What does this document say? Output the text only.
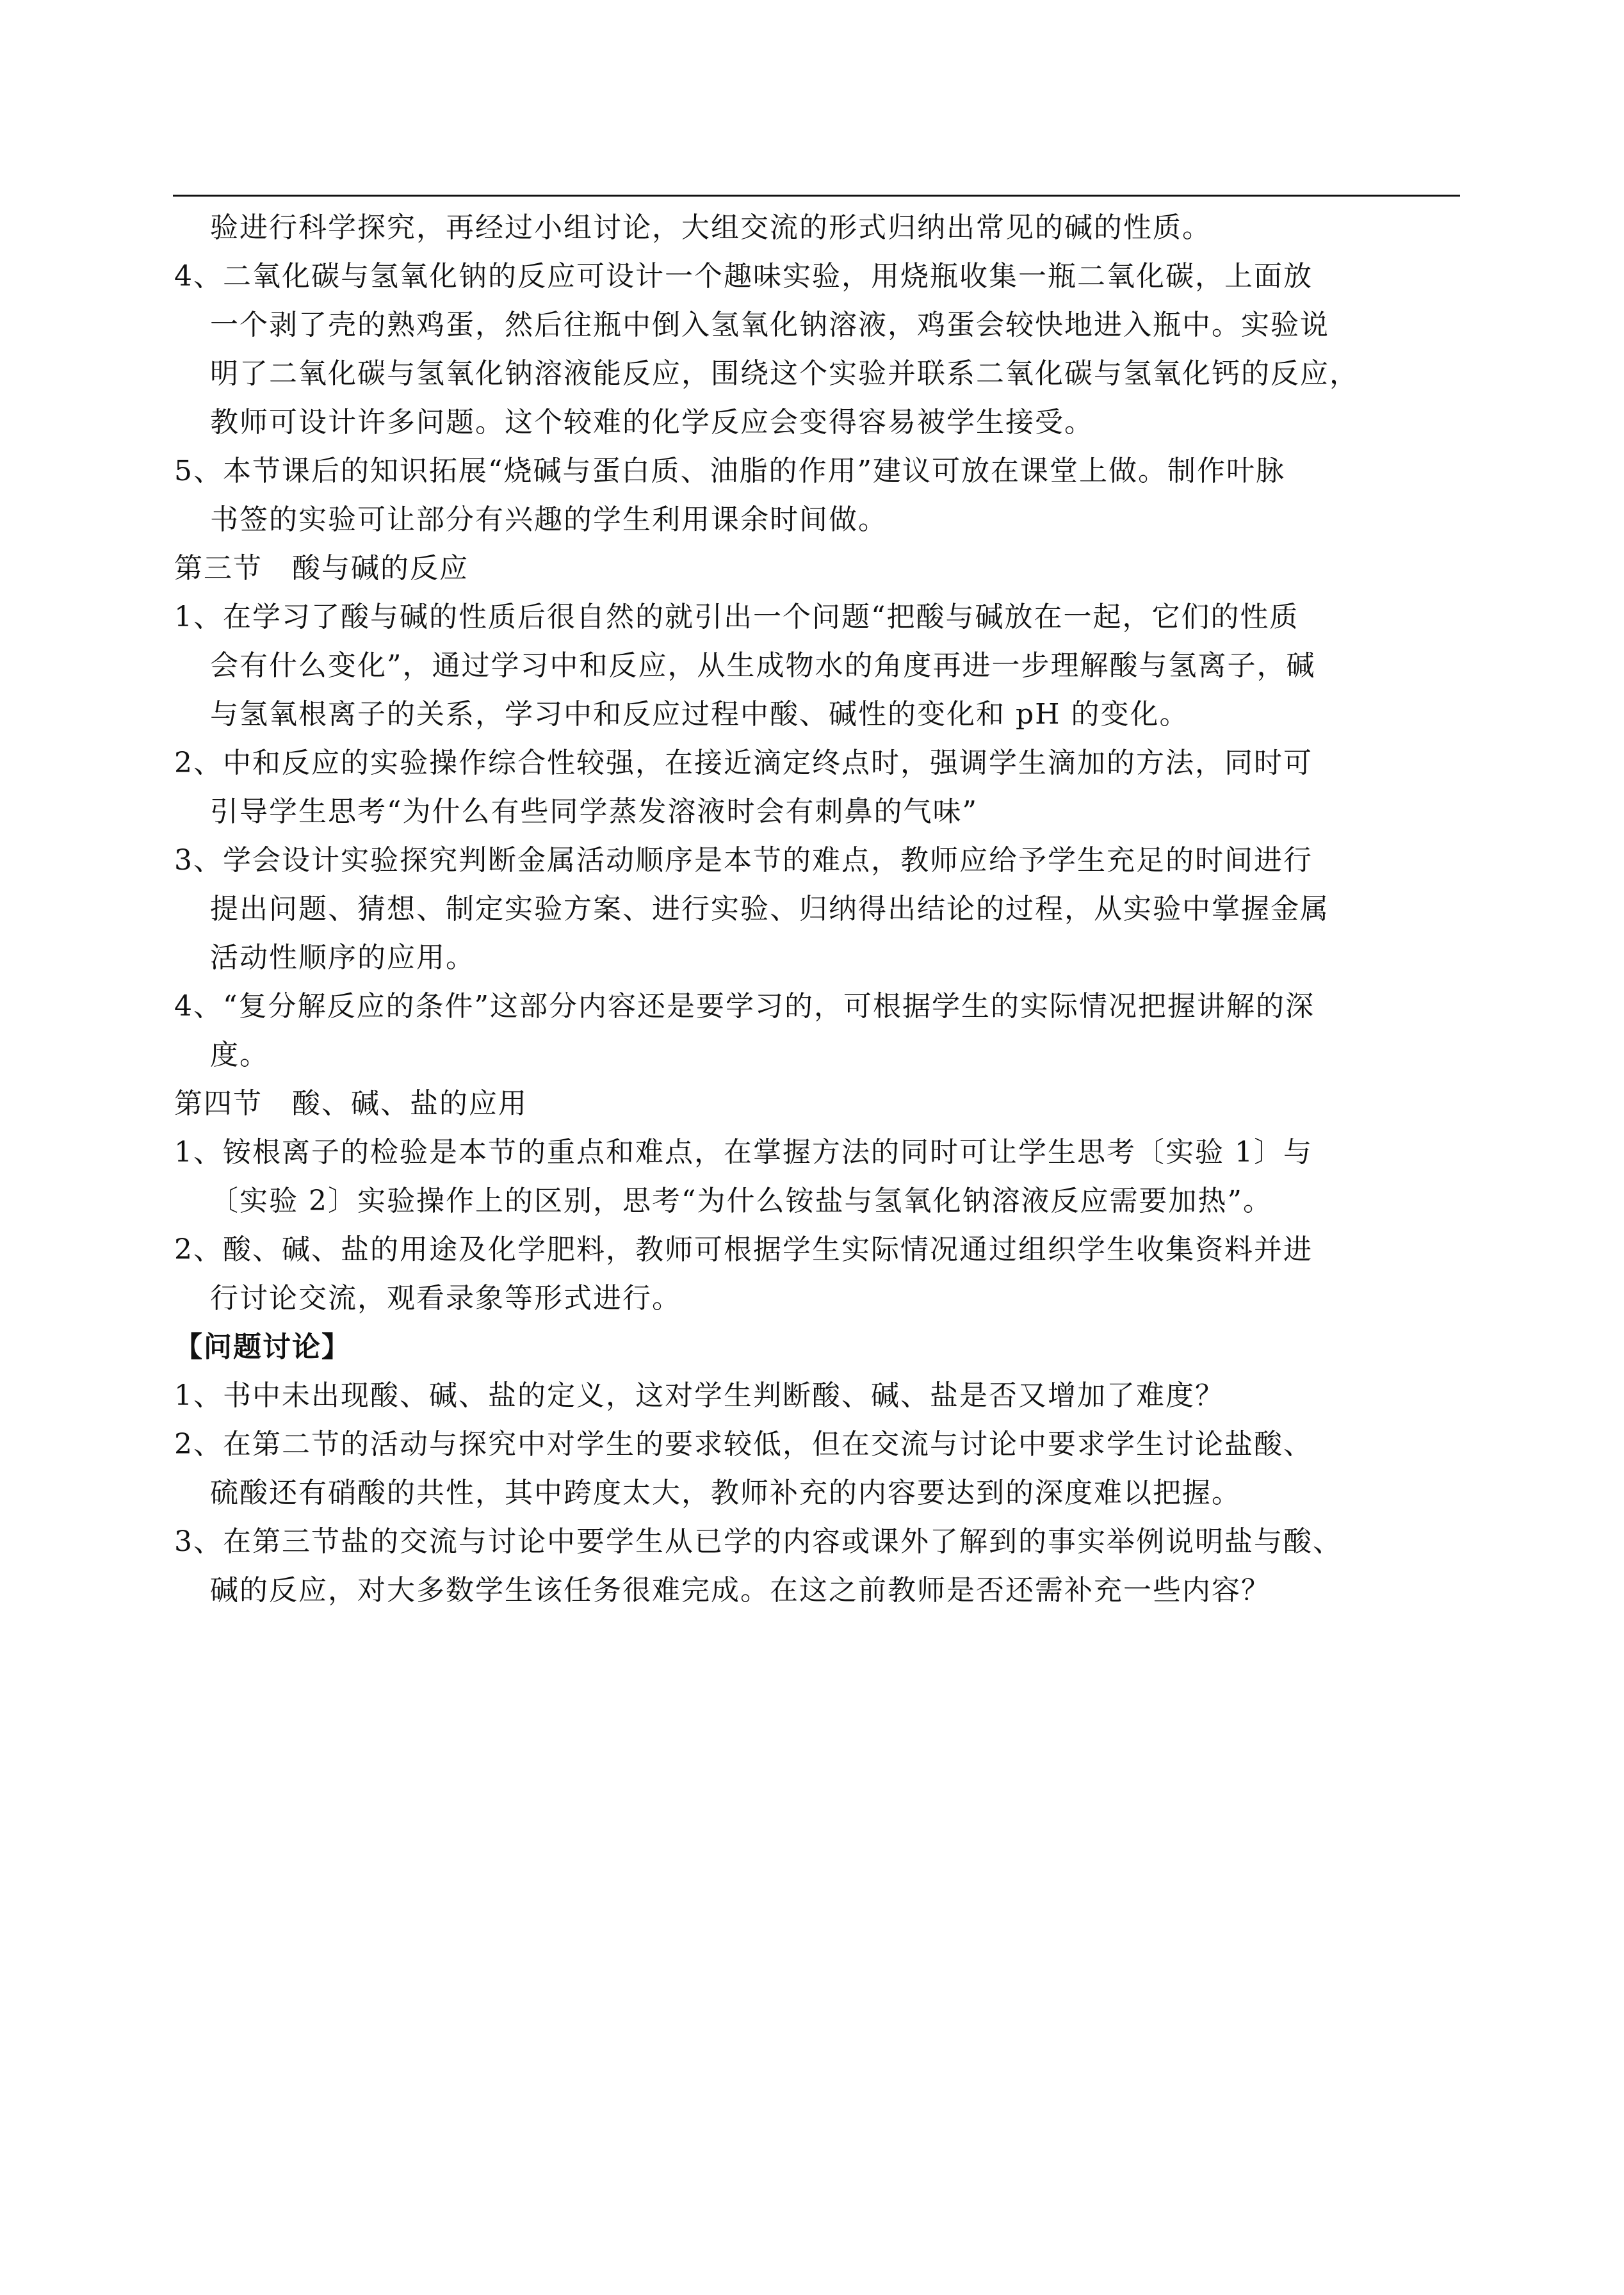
验进行科学探究，再经过小组讨论，大组交流的形式归纳出常见的碱的性质。
4、二氧化碳与氢氧化钠的反应可设计一个趣味实验，用烧瓶收集一瓶二氧化碳，上面放
一个剥了壳的熟鸡蛋，然后往瓶中倒入氢氧化钠溶液，鸡蛋会较快地进入瓶中。实验说
明了二氧化碳与氢氧化钠溶液能反应，围绕这个实验并联系二氧化碳与氢氧化钙的反应，
教师可设计许多问题。这个较难的化学反应会变得容易被学生接受。
5、本节课后的知识拓展“烧碱与蛋白质、油脂的作用”建议可放在课堂上做。制作叶脉
书签的实验可让部分有兴趣的学生利用课余时间做。
第三节　酸与碱的反应
1、在学习了酸与碱的性质后很自然的就引出一个问题“把酸与碱放在一起，它们的性质
会有什么变化”，通过学习中和反应，从生成物水的角度再进一步理解酸与氢离子，碱
与氢氧根离子的关系，学习中和反应过程中酸、碱性的变化和 pH 的变化。
2、中和反应的实验操作综合性较强，在接近滴定终点时，强调学生滴加的方法，同时可
引导学生思考“为什么有些同学蒸发溶液时会有刺鼻的气味”
3、学会设计实验探究判断金属活动顺序是本节的难点，教师应给予学生充足的时间进行
提出问题、猜想、制定实验方案、进行实验、归纳得出结论的过程，从实验中掌握金属
活动性顺序的应用。
4、“复分解反应的条件”这部分内容还是要学习的，可根据学生的实际情况把握讲解的深
度。
第四节　酸、碱、盐的应用
1、铵根离子的检验是本节的重点和难点，在掌握方法的同时可让学生思考〔实验 1〕与
〔实验 2〕实验操作上的区别，思考“为什么铵盐与氢氧化钠溶液反应需要加热”。
2、酸、碱、盐的用途及化学肥料，教师可根据学生实际情况通过组织学生收集资料并进
行讨论交流，观看录象等形式进行。
【问题讨论】
1、书中未出现酸、碱、盐的定义，这对学生判断酸、碱、盐是否又增加了难度？
2、在第二节的活动与探究中对学生的要求较低，但在交流与讨论中要求学生讨论盐酸、
硫酸还有硝酸的共性，其中跨度太大，教师补充的内容要达到的深度难以把握。
3、在第三节盐的交流与讨论中要学生从已学的内容或课外了解到的事实举例说明盐与酸、
碱的反应，对大多数学生该任务很难完成。在这之前教师是否还需补充一些内容？
